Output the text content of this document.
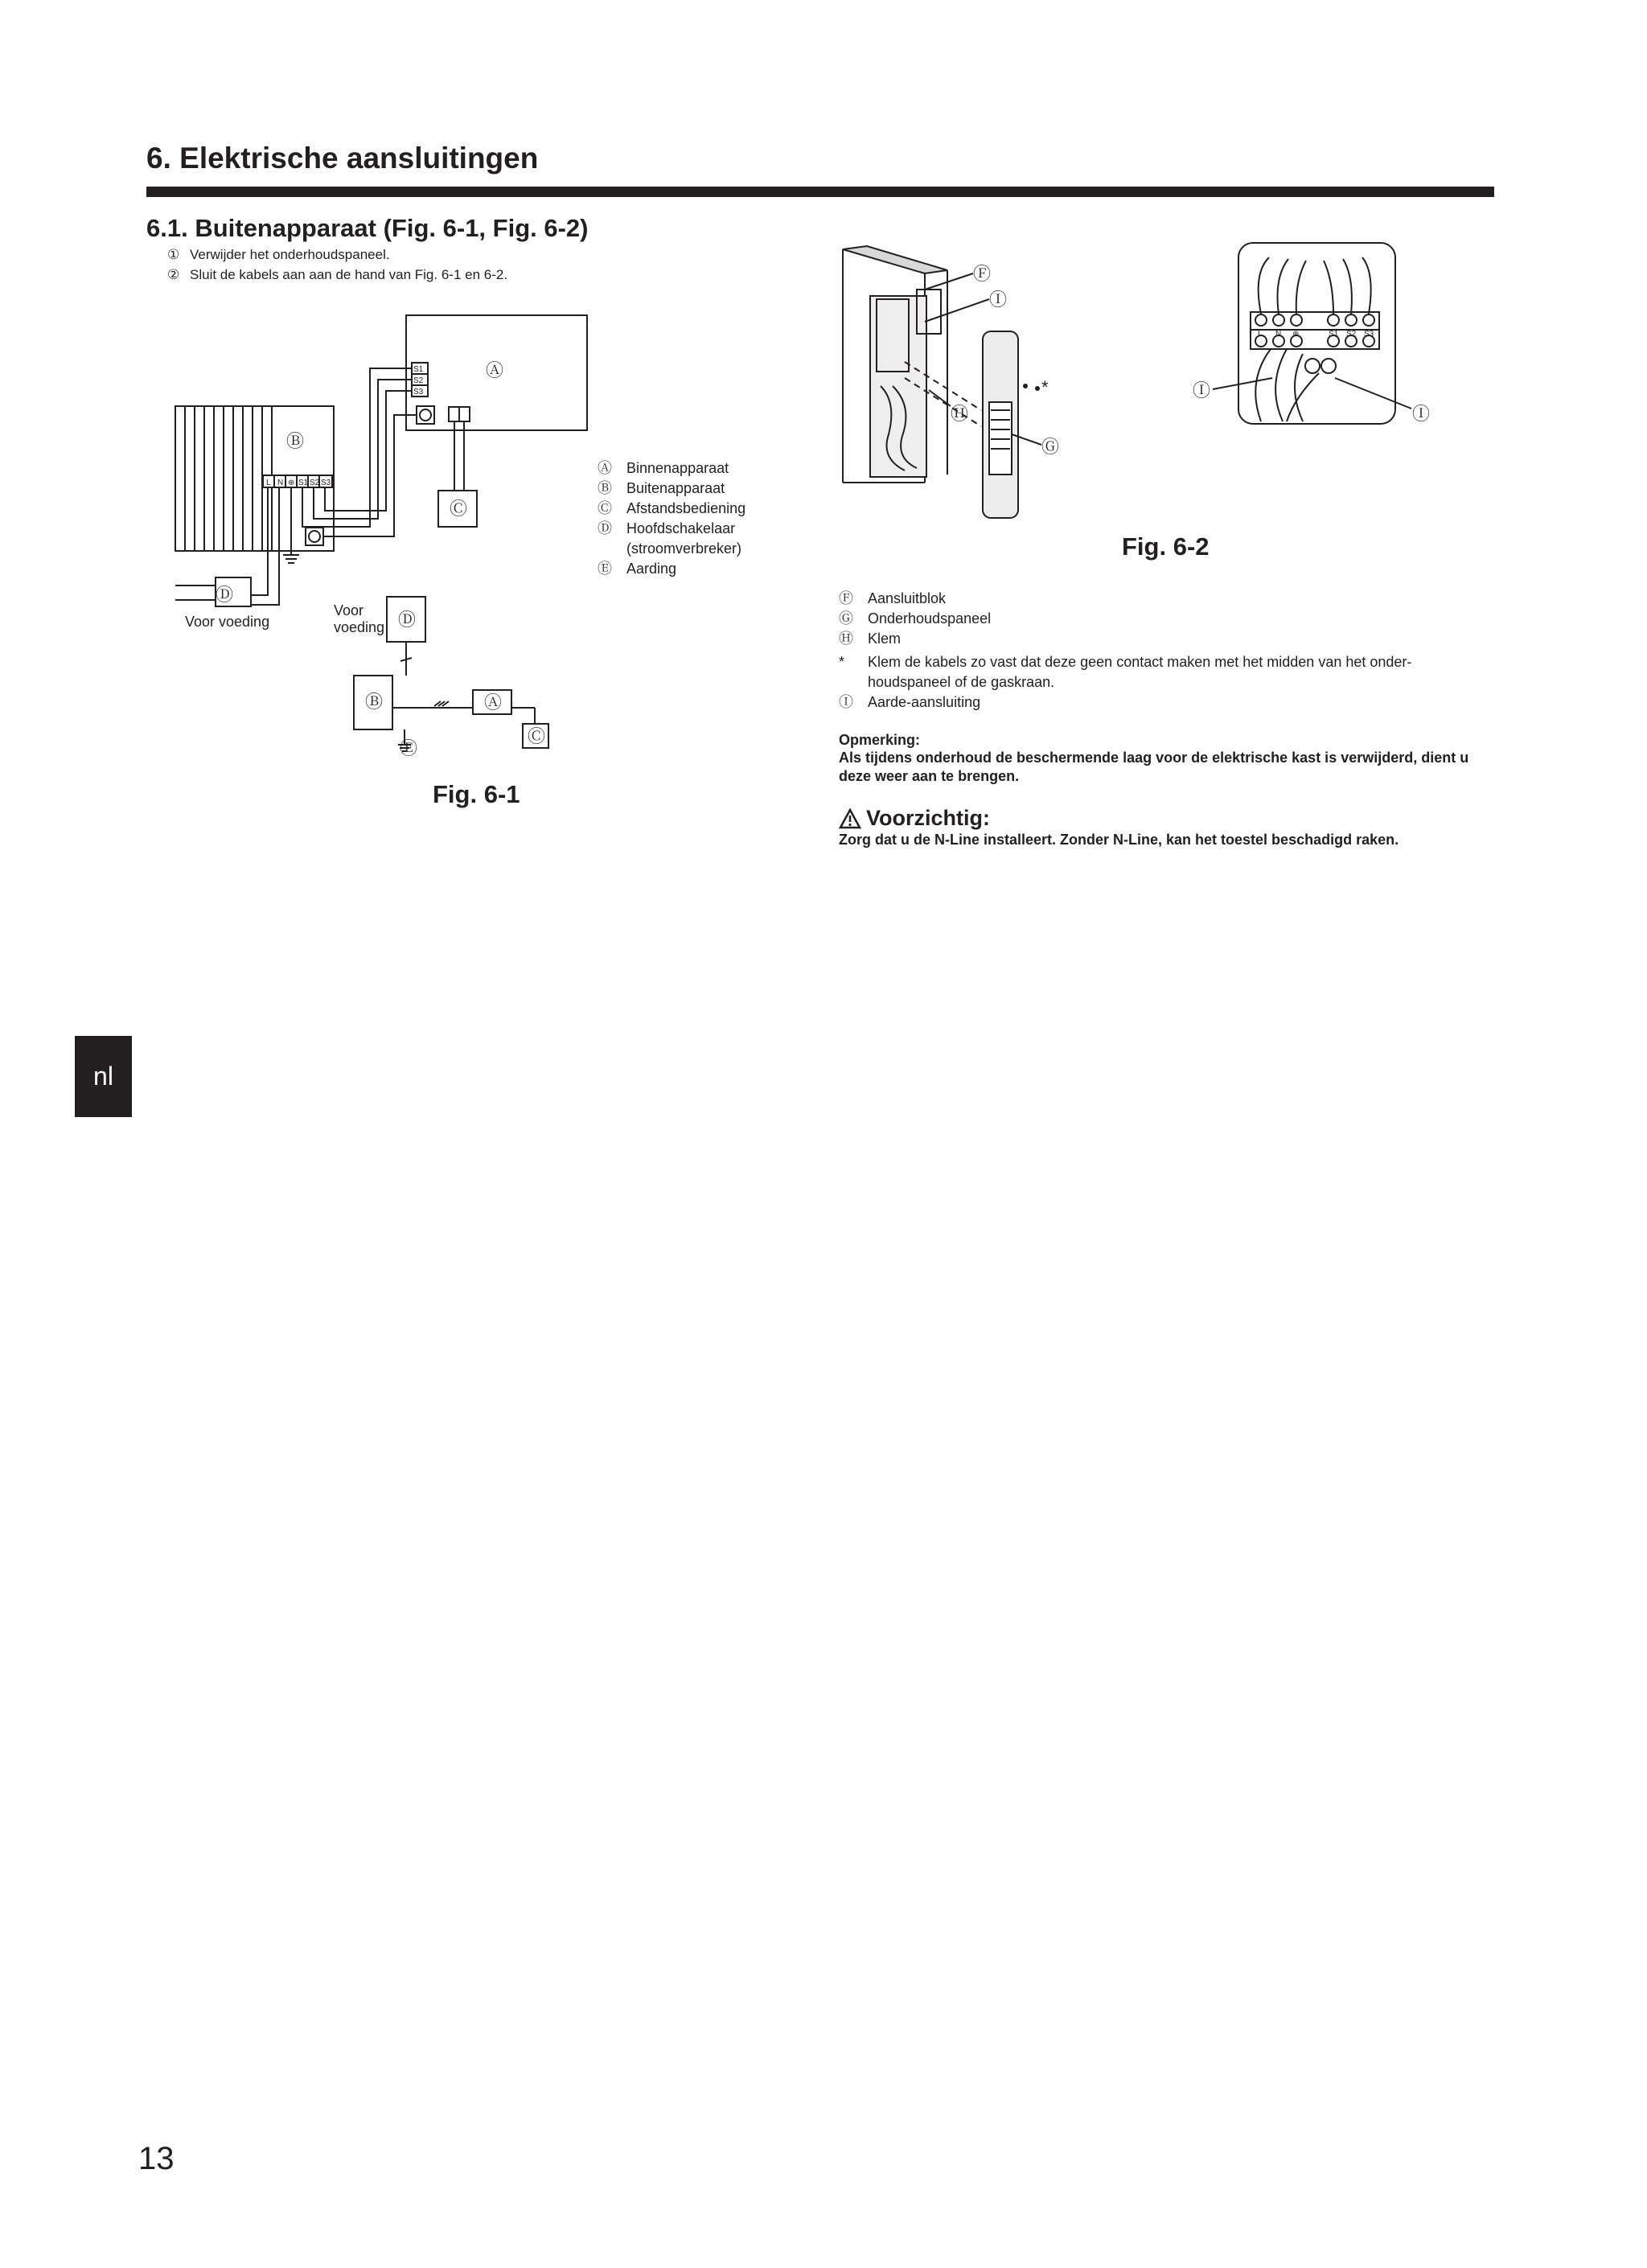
6. Elektrische aansluitingen
6.1. Buitenapparaat (Fig. 6-1, Fig. 6-2)
① Verwijder het onderhoudspaneel.
② Sluit de kabels aan aan de hand van Fig. 6-1 en 6-2.
S1
S2
S3
L N ⊕ S1 S2 S3
Ⓐ
Ⓑ
Ⓒ
Ⓓ
Ⓓ
Ⓑ	Ⓐ
Ⓒ
Ⓔ
Voor voeding
Voor
voeding
Ⓐ	Binnenapparaat
Ⓑ	Buitenapparaat
Ⓒ	Afstandsbediening
Ⓓ	Hoofdschakelaar
(stroomverbreker)
Ⓔ	Aarding
Fig. 6-1
Ⓕ
Ⓘ
Ⓗ
Ⓖ
*
L N ⊕	S1 S2 S3
Ⓘ
Ⓘ
Fig. 6-2
Ⓕ	Aansluitblok
Ⓖ	Onderhoudspaneel
Ⓗ	Klem
*	Klem de kabels zo vast dat deze geen contact maken met het midden van het onder-
houdspaneel of de gaskraan.
Ⓘ	Aarde-aansluiting
Opmerking:
Als tijdens onderhoud de beschermende laag voor de elektrische kast is verwijderd, dient u deze weer aan te brengen.
Voorzichtig:
Zorg dat u de N-Line installeert. Zonder N-Line, kan het toestel beschadigd raken.
nl
13
